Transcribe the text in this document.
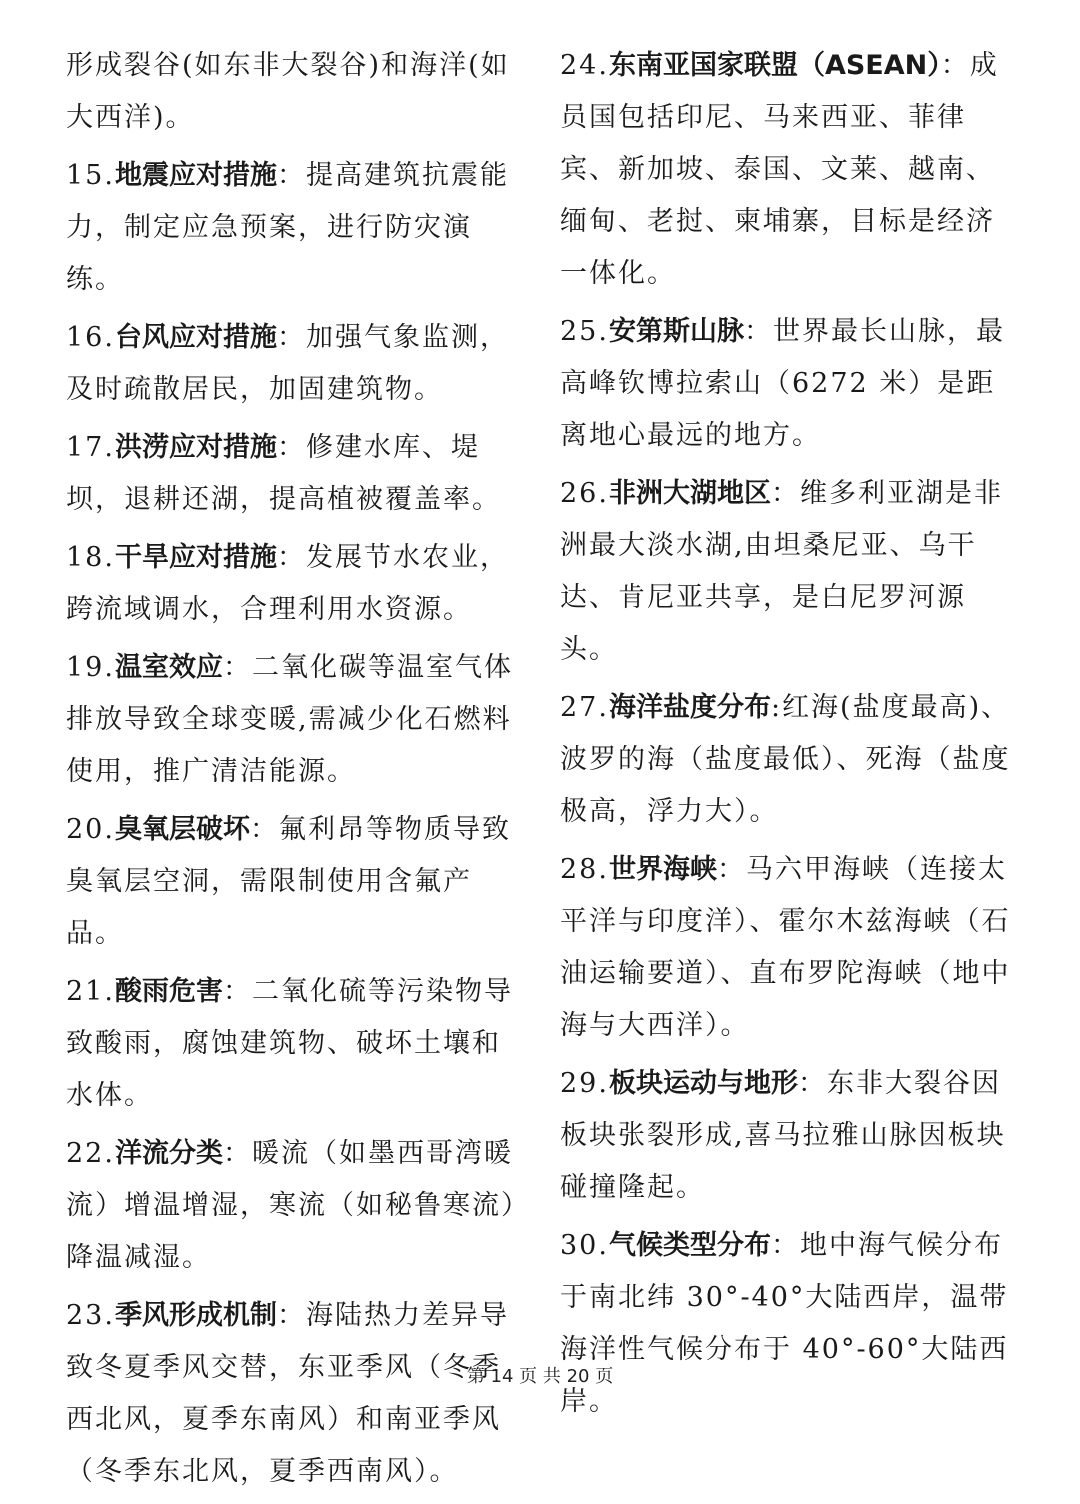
形成裂谷(如东非大裂谷)和海洋(如大西洋)。
15.地震应对措施：提高建筑抗震能力，制定应急预案，进行防灾演练。
16.台风应对措施：加强气象监测，及时疏散居民，加固建筑物。
17.洪涝应对措施：修建水库、堤坝，退耕还湖，提高植被覆盖率。
18.干旱应对措施：发展节水农业，跨流域调水，合理利用水资源。
19.温室效应：二氧化碳等温室气体排放导致全球变暖,需减少化石燃料使用，推广清洁能源。
20.臭氧层破坏：氟利昂等物质导致臭氧层空洞，需限制使用含氟产品。
21.酸雨危害：二氧化硫等污染物导致酸雨，腐蚀建筑物、破坏土壤和水体。
22.洋流分类：暖流（如墨西哥湾暖流）增温增湿，寒流（如秘鲁寒流）降温减湿。
23.季风形成机制：海陆热力差异导致冬夏季风交替，东亚季风（冬季西北风，夏季东南风）和南亚季风（冬季东北风，夏季西南风）。
24.东南亚国家联盟（ASEAN）：成员国包括印尼、马来西亚、菲律宾、新加坡、泰国、文莱、越南、缅甸、老挝、柬埔寨，目标是经济一体化。
25.安第斯山脉：世界最长山脉，最高峰钦博拉索山（6272 米）是距离地心最远的地方。
26.非洲大湖地区：维多利亚湖是非洲最大淡水湖,由坦桑尼亚、乌干达、肯尼亚共享，是白尼罗河源头。
27.海洋盐度分布:红海(盐度最高)、波罗的海（盐度最低）、死海（盐度极高，浮力大）。
28.世界海峡：马六甲海峡（连接太平洋与印度洋）、霍尔木兹海峡（石油运输要道）、直布罗陀海峡（地中海与大西洋）。
29.板块运动与地形：东非大裂谷因板块张裂形成,喜马拉雅山脉因板块碰撞隆起。
30.气候类型分布：地中海气候分布于南北纬 30°-40°大陆西岸，温带海洋性气候分布于 40°-60°大陆西岸。
第 14 页 共 20 页
